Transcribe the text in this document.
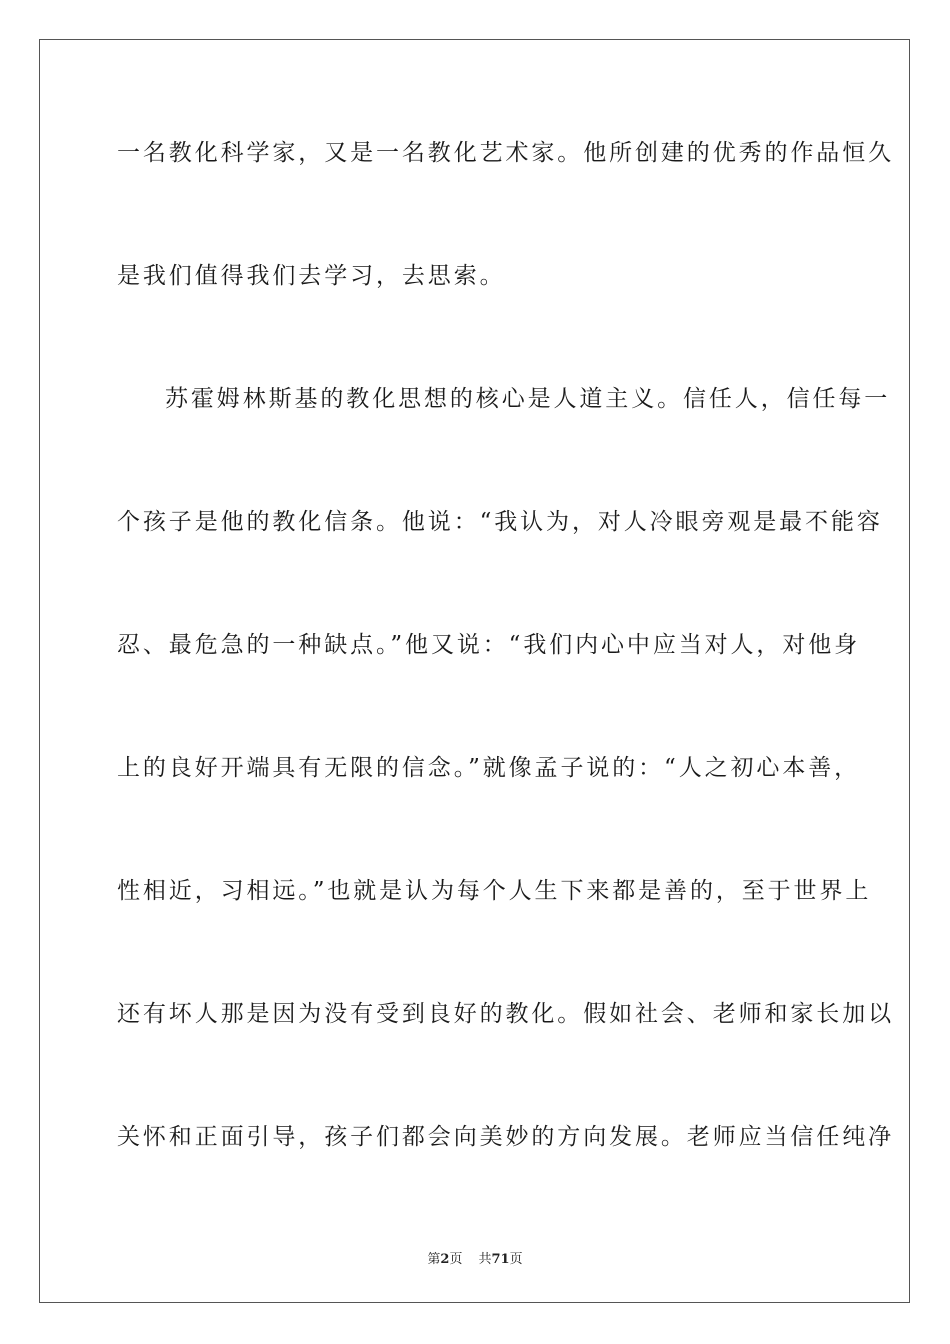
一名教化科学家，又是一名教化艺术家。他所创建的优秀的作品恒久
是我们值得我们去学习，去思索。
苏霍姆林斯基的教化思想的核心是人道主义。信任人，信任每一
个孩子是他的教化信条。他说：“我认为，对人冷眼旁观是最不能容
忍、最危急的一种缺点。”他又说：“我们内心中应当对人，对他身
上的良好开端具有无限的信念。”就像孟子说的：“人之初心本善，
性相近，习相远。”也就是认为每个人生下来都是善的，至于世界上
还有坏人那是因为没有受到良好的教化。假如社会、老师和家长加以
关怀和正面引导，孩子们都会向美妙的方向发展。老师应当信任纯净
第2页 共71页
